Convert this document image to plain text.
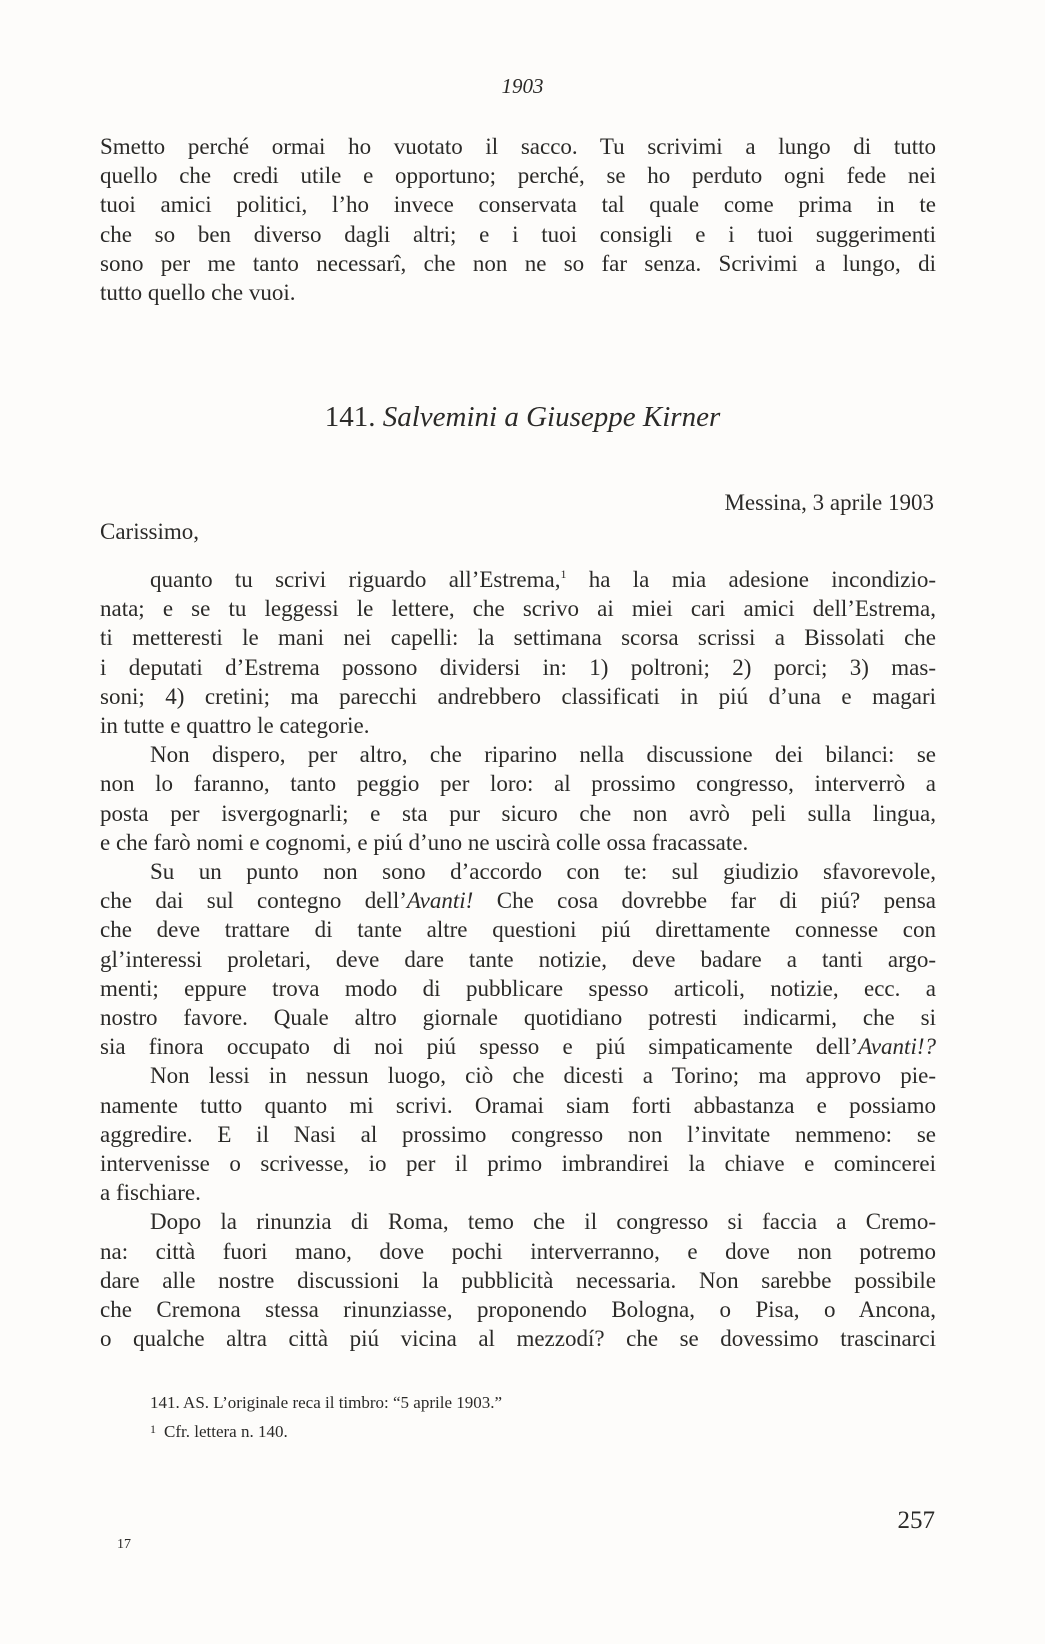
1903

Smetto perché ormai ho vuotato il sacco. Tu scrivimi a lungo di tutto

quello che credi utile e opportuno; perché, se ho perduto ogni fede nei

tuoi amici politici, l’ho invece conservata tal quale come prima in te

che so ben diverso dagli altri; e i tuoi consigli e i tuoi suggerimenti

sono per me tanto necessarî, che non ne so far senza. Scrivimi a lungo, di

tutto quello che vuoi.

141. Salvemini a Giuseppe Kirner
Messina, 3 aprile 1903
Carissimo,

quanto tu scrivi riguardo all’Estrema,$^1$ ha la mia adesione incondizio-

nata; e se tu leggessi le lettere, che scrivo ai miei cari amici dell’Estrema,

ti metteresti le mani nei capelli: la settimana scorsa scrissi a Bissolati che

i deputati d’Estrema possono dividersi in: 1) poltroni; 2) porci; 3) mas-

soni; 4) cretini; ma parecchi andrebbero classificati in piú d’una e magari

in tutte e quattro le categorie.

Non dispero, per altro, che riparino nella discussione dei bilanci: se

non lo faranno, tanto peggio per loro: al prossimo congresso, interverrò a

posta per isvergognarli; e sta pur sicuro che non avrò peli sulla lingua,

e che farò nomi e cognomi, e piú d’uno ne uscirà colle ossa fracassate.

Su un punto non sono d’accordo con te: sul giudizio sfavorevole,

che dai sul contegno dell’Avanti! Che cosa dovrebbe far di piú? pensa

che deve trattare di tante altre questioni piú direttamente connesse con

gl’interessi proletari, deve dare tante notizie, deve badare a tanti argo-

menti; eppure trova modo di pubblicare spesso articoli, notizie, ecc. a

nostro favore. Quale altro giornale quotidiano potresti indicarmi, che si

sia finora occupato di noi piú spesso e piú simpaticamente dell’Avanti!?

Non lessi in nessun luogo, ciò che dicesti a Torino; ma approvo pie-

namente tutto quanto mi scrivi. Oramai siam forti abbastanza e possiamo

aggredire. E il Nasi al prossimo congresso non l’invitate nemmeno: se

intervenisse o scrivesse, io per il primo imbrandirei la chiave e comincerei

a fischiare.

Dopo la rinunzia di Roma, temo che il congresso si faccia a Cremo-

na: città fuori mano, dove pochi interverranno, e dove non potremo

dare alle nostre discussioni la pubblicità necessaria. Non sarebbe possibile

che Cremona stessa rinunziasse, proponendo Bologna, o Pisa, o Ancona,

o qualche altra città piú vicina al mezzodí? che se dovessimo trascinarci

141. AS. L’originale reca il timbro: “5 aprile 1903.”
$^1$ Cfr. lettera n. 140.
257
17
